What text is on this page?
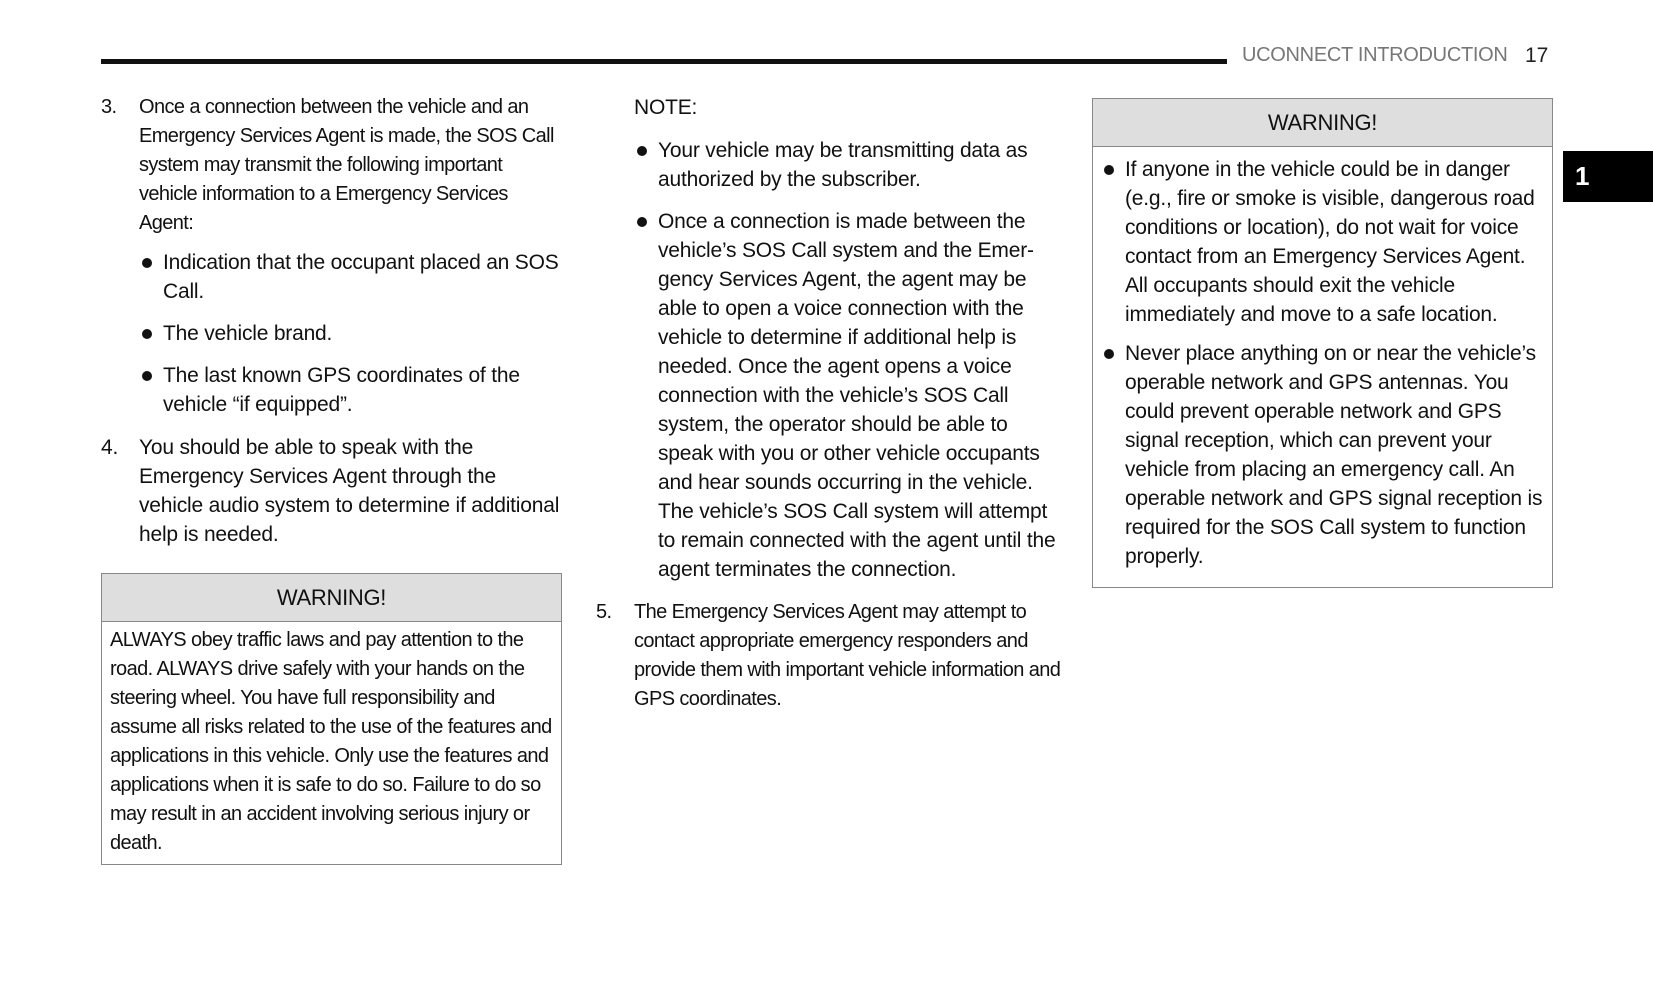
UCONNECT INTRODUCTION 17
1
3. Once a connection between the vehicle and an Emergency Services Agent is made, the SOS Call system may transmit the following important vehicle information to a Emergency Services Agent:
Indication that the occupant placed an SOS Call.
The vehicle brand.
The last known GPS coordinates of the vehicle “if equipped”.
4. You should be able to speak with the Emergency Services Agent through the vehicle audio system to determine if additional help is needed.
WARNING!
ALWAYS obey traffic laws and pay attention to the road. ALWAYS drive safely with your hands on the steering wheel. You have full responsibility and assume all risks related to the use of the features and applications in this vehicle. Only use the features and applications when it is safe to do so. Failure to do so may result in an accident involving serious injury or death.
NOTE:
Your vehicle may be transmitting data as authorized by the subscriber.
Once a connection is made between the vehicle’s SOS Call system and the Emergency Services Agent, the agent may be able to open a voice connection with the vehicle to determine if additional help is needed. Once the agent opens a voice connection with the vehicle’s SOS Call system, the operator should be able to speak with you or other vehicle occupants and hear sounds occurring in the vehicle. The vehicle’s SOS Call system will attempt to remain connected with the agent until the agent terminates the connection.
5. The Emergency Services Agent may attempt to contact appropriate emergency responders and provide them with important vehicle information and GPS coordinates.
WARNING!
If anyone in the vehicle could be in danger (e.g., fire or smoke is visible, dangerous road conditions or location), do not wait for voice contact from an Emergency Services Agent. All occupants should exit the vehicle immediately and move to a safe location.
Never place anything on or near the vehicle’s operable network and GPS antennas. You could prevent operable network and GPS signal reception, which can prevent your vehicle from placing an emergency call. An operable network and GPS signal reception is required for the SOS Call system to function properly.
